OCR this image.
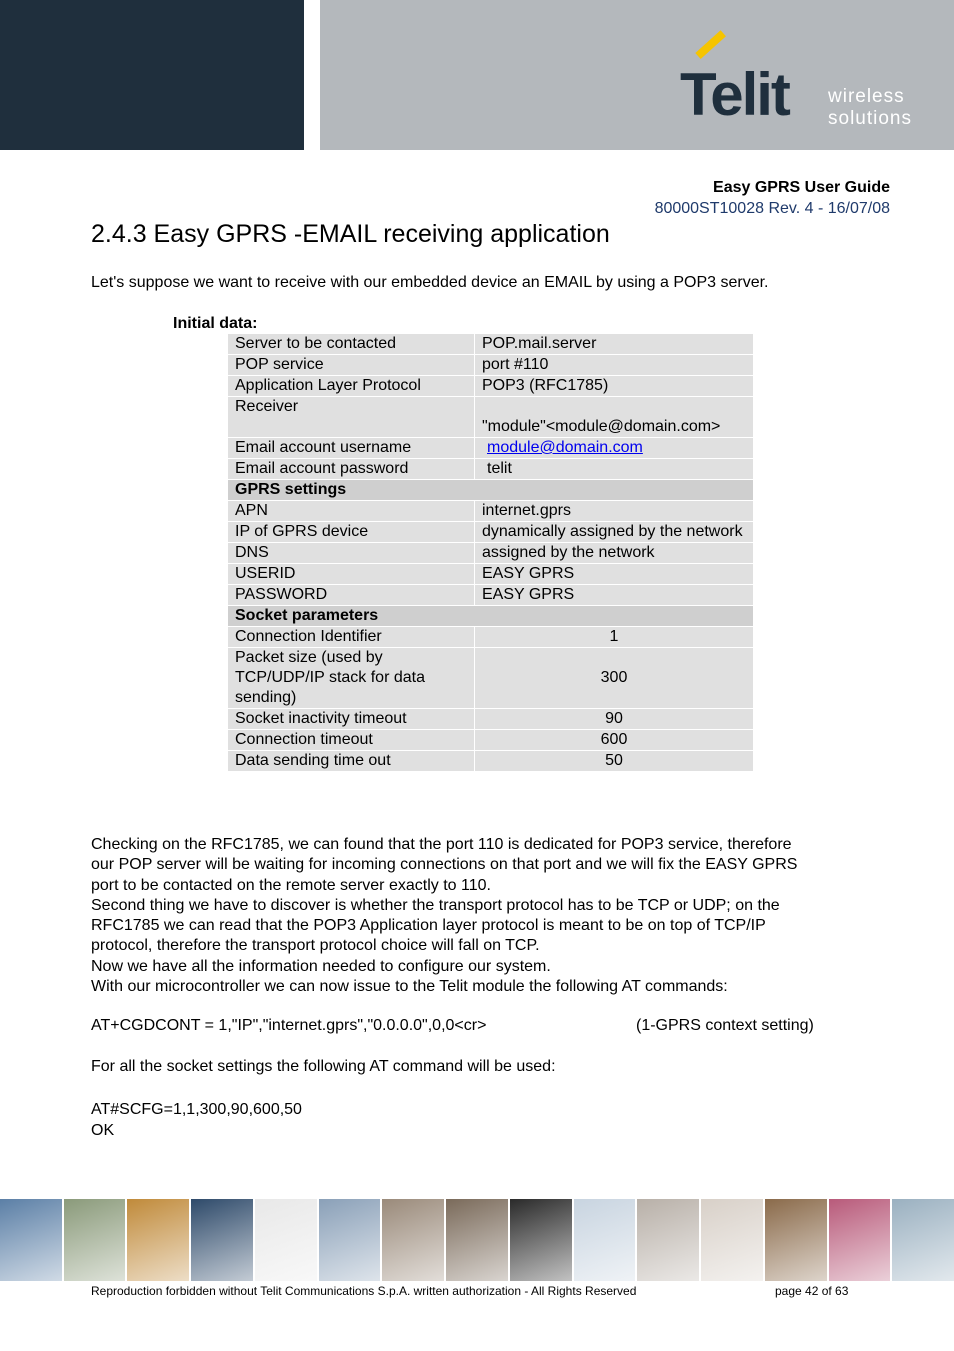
Telit wireless
solutions
Easy GPRS User Guide
80000ST10028 Rev. 4 - 16/07/08
2.4.3 Easy GPRS -EMAIL receiving application
Let's suppose we want to receive with our embedded device an EMAIL by using a POP3 server.
Initial data:
Server to be contacted	POP.mail.server
POP service	port #110
Application Layer Protocol	POP3 (RFC1785)
Receiver	"module"<module@domain.com>
Email account username	module@domain.com
Email account password	telit
GPRS settings	
APN	internet.gprs
IP of GPRS device	dynamically assigned by the network
DNS	assigned by the network
USERID	EASY GPRS
PASSWORD	EASY GPRS
Socket parameters	
Connection Identifier	1
Packet size (used by TCP/UDP/IP stack for data sending)	300
Socket inactivity timeout	90
Connection timeout	600
Data sending time out	50
Checking on the RFC1785, we can found that the port 110 is dedicated for POP3 service, therefore
our POP server will be waiting for incoming connections on that port and we will fix the EASY GPRS
port to be contacted on the remote server exactly to 110.
Second thing we have to discover is whether the transport protocol has to be TCP or UDP; on the
RFC1785 we can read that the POP3 Application layer protocol is meant to be on top of TCP/IP
protocol, therefore the transport protocol choice will fall on TCP.
Now we have all the information needed to configure our system.
With our microcontroller we can now issue to the Telit module the following AT commands:
AT+CGDCONT = 1,"IP","internet.gprs","0.0.0.0",0,0<cr>	(1-GPRS context setting)
For all the socket settings the following AT command will be used:
AT#SCFG=1,1,300,90,600,50
OK
Reproduction forbidden without Telit Communications S.p.A. written authorization - All Rights Reserved	page 42 of 63
